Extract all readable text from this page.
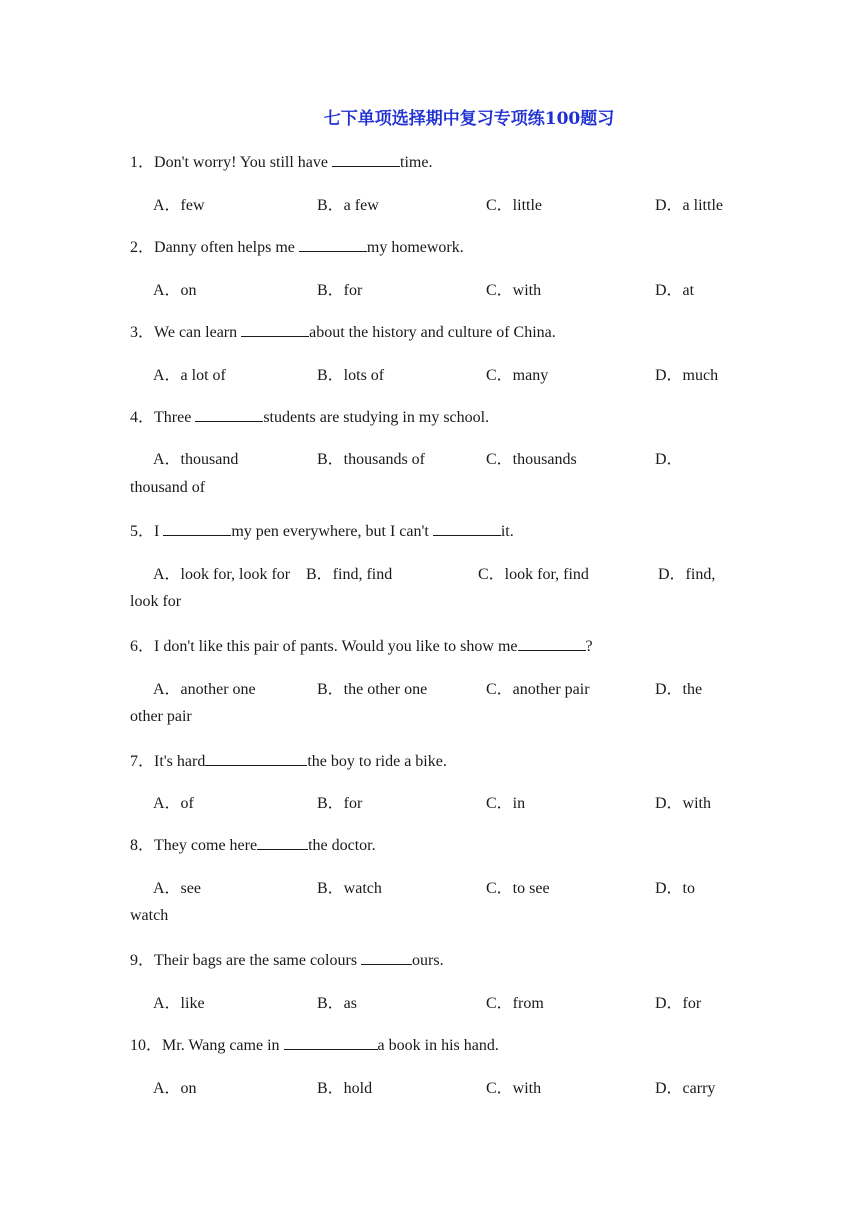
七下单项选择期中复习专项练100题习
1．Don't worry! You still have	time.
A．few	B．a few	C．little	D．a little
2．Danny often helps me	my homework.
A．on	B．for	C．with	D．at
3．We can learn	about the history and culture of China.
A．a lot of	B．lots of	C．many	D．much
4．Three	students are studying in my school.
A．thousand	B．thousands of	C．thousands	D．
thousand of
5．I	my pen everywhere, but I can't	it.
A．look for, look for B．find, find	C．look for, find	D．find,
look for
6．I don't like this pair of pants. Would you like to show me	?
A．another one	B．the other one	C．another pair	D．the
other pair
7．It's hard	the boy to ride a bike.
A．of	B．for	C．in	D．with
8．They come here	the doctor.
A．see	B．watch	C．to see	D．to
watch
9．Their bags are the same colours	ours.
A．like	B．as	C．from	D．for
10．Mr. Wang came in	a book in his hand.
A．on	B．hold	C．with	D．carry
